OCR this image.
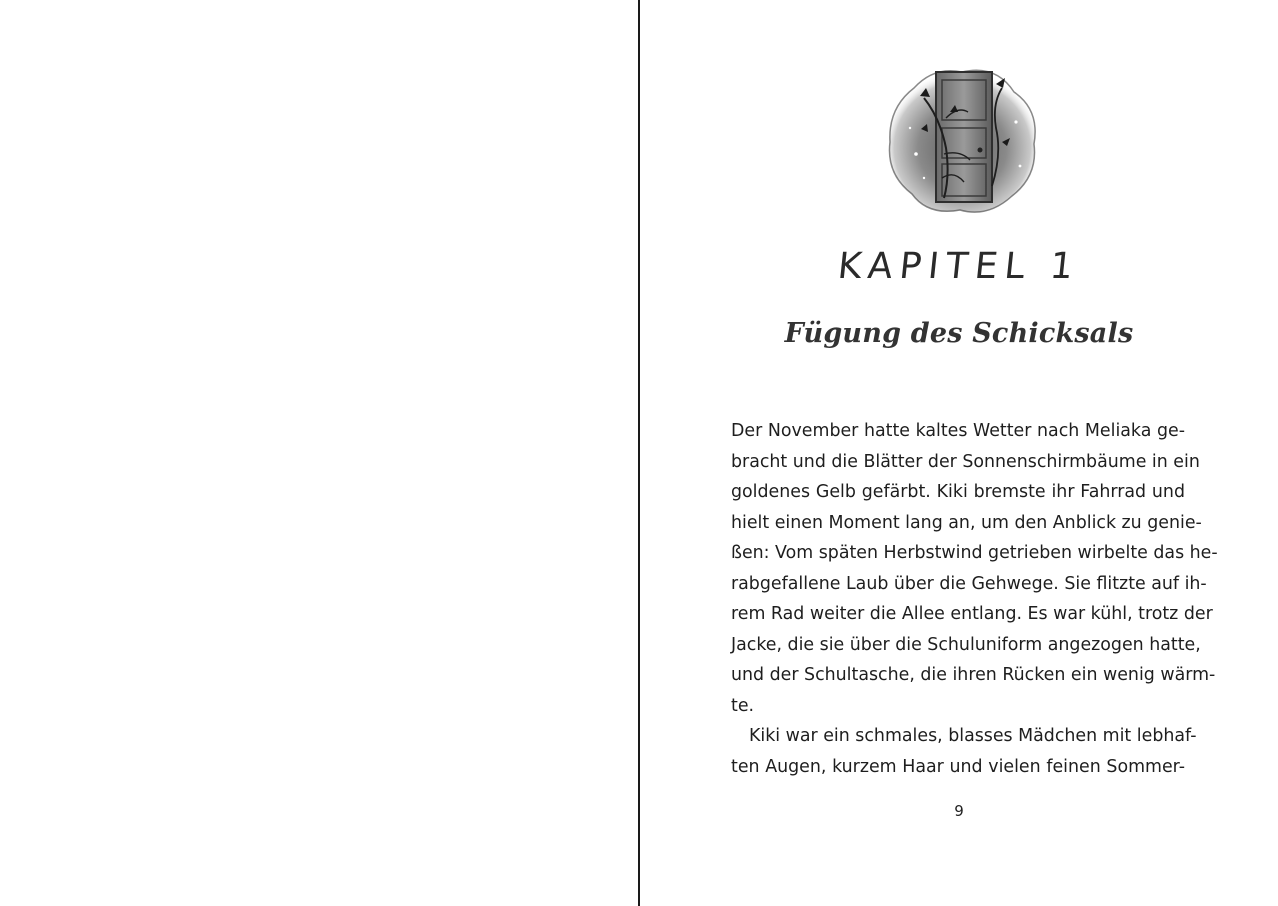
KAPITEL 1
Fügung des Schicksals
Der November hatte kaltes Wetter nach Meliaka ge-
bracht und die Blätter der Sonnenschirmbäume in ein
goldenes Gelb gefärbt. Kiki bremste ihr Fahrrad und
hielt einen Moment lang an, um den Anblick zu genie-
ßen: Vom späten Herbstwind getrieben wirbelte das he-
rabgefallene Laub über die Gehwege. Sie flitzte auf ih-
rem Rad weiter die Allee entlang. Es war kühl, trotz der
Jacke, die sie über die Schuluniform angezogen hatte,
und der Schultasche, die ihren Rücken ein wenig wärm-
te.
Kiki war ein schmales, blasses Mädchen mit lebhaf-
ten Augen, kurzem Haar und vielen feinen Sommer-
9
